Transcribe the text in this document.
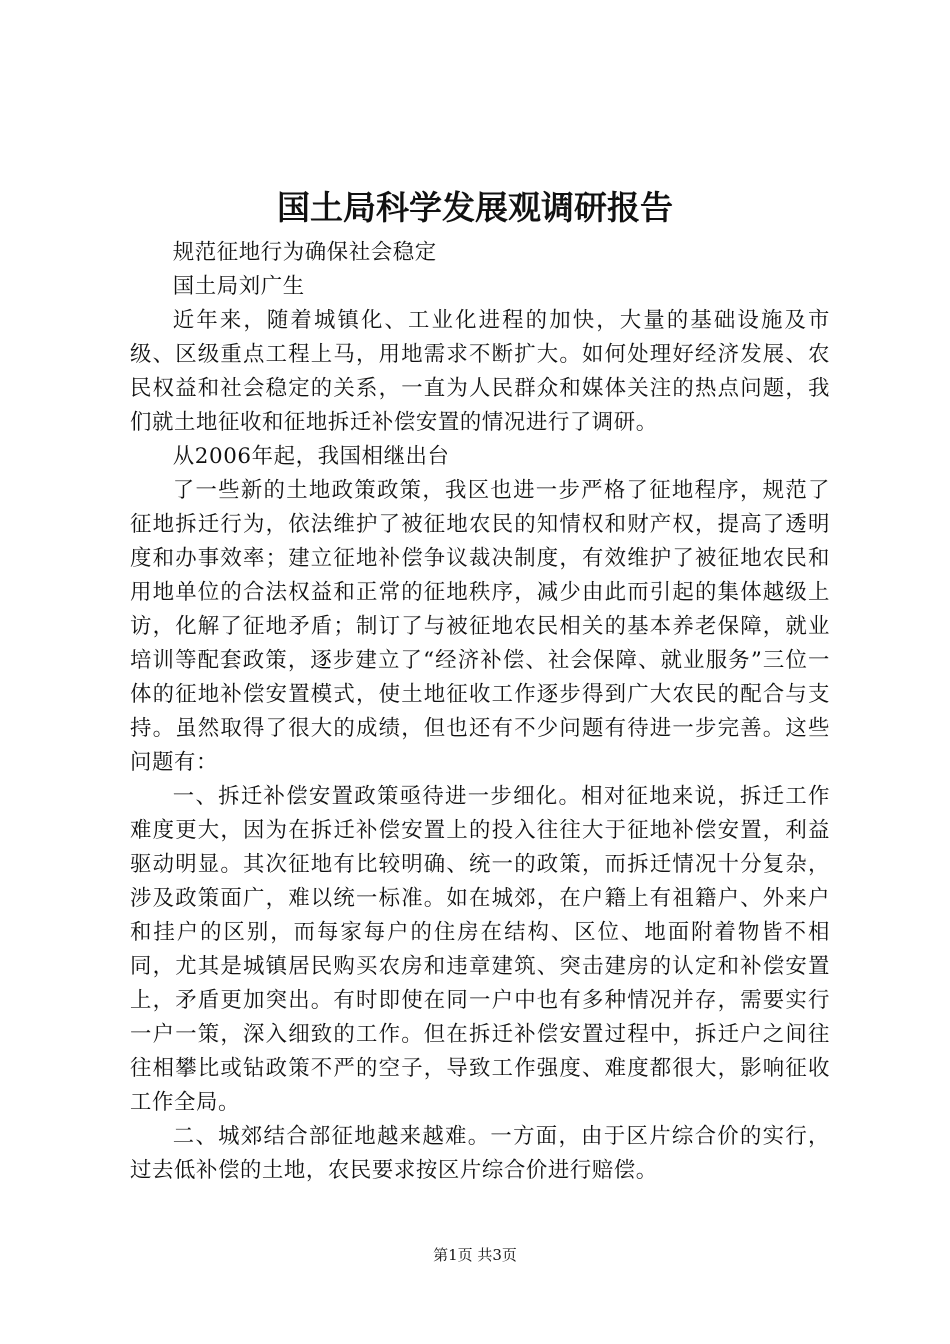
国土局科学发展观调研报告

规范征地行为确保社会稳定

国土局刘广生

近年来，随着城镇化、工业化进程的加快，大量的基础设施及市级、区级重点工程上马，用地需求不断扩大。如何处理好经济发展、农民权益和社会稳定的关系，一直为人民群众和媒体关注的热点问题，我们就土地征收和征地拆迁补偿安置的情况进行了调研。

从2006年起，我国相继出台

了一些新的土地政策政策，我区也进一步严格了征地程序，规范了征地拆迁行为，依法维护了被征地农民的知情权和财产权，提高了透明度和办事效率；建立征地补偿争议裁决制度，有效维护了被征地农民和用地单位的合法权益和正常的征地秩序，减少由此而引起的集体越级上访，化解了征地矛盾；制订了与被征地农民相关的基本养老保障，就业培训等配套政策，逐步建立了“经济补偿、社会保障、就业服务”三位一体的征地补偿安置模式，使土地征收工作逐步得到广大农民的配合与支持。虽然取得了很大的成绩，但也还有不少问题有待进一步完善。这些问题有：

一、拆迁补偿安置政策亟待进一步细化。相对征地来说，拆迁工作难度更大，因为在拆迁补偿安置上的投入往往大于征地补偿安置，利益驱动明显。其次征地有比较明确、统一的政策，而拆迁情况十分复杂，涉及政策面广，难以统一标准。如在城郊，在户籍上有祖籍户、外来户和挂户的区别，而每家每户的住房在结构、区位、地面附着物皆不相同，尤其是城镇居民购买农房和违章建筑、突击建房的认定和补偿安置上，矛盾更加突出。有时即使在同一户中也有多种情况并存，需要实行一户一策，深入细致的工作。但在拆迁补偿安置过程中，拆迁户之间往往相攀比或钻政策不严的空子，导致工作强度、难度都很大，影响征收工作全局。

二、城郊结合部征地越来越难。一方面，由于区片综合价的实行，过去低补偿的土地，农民要求按区片综合价进行赔偿。

第1页 共3页
